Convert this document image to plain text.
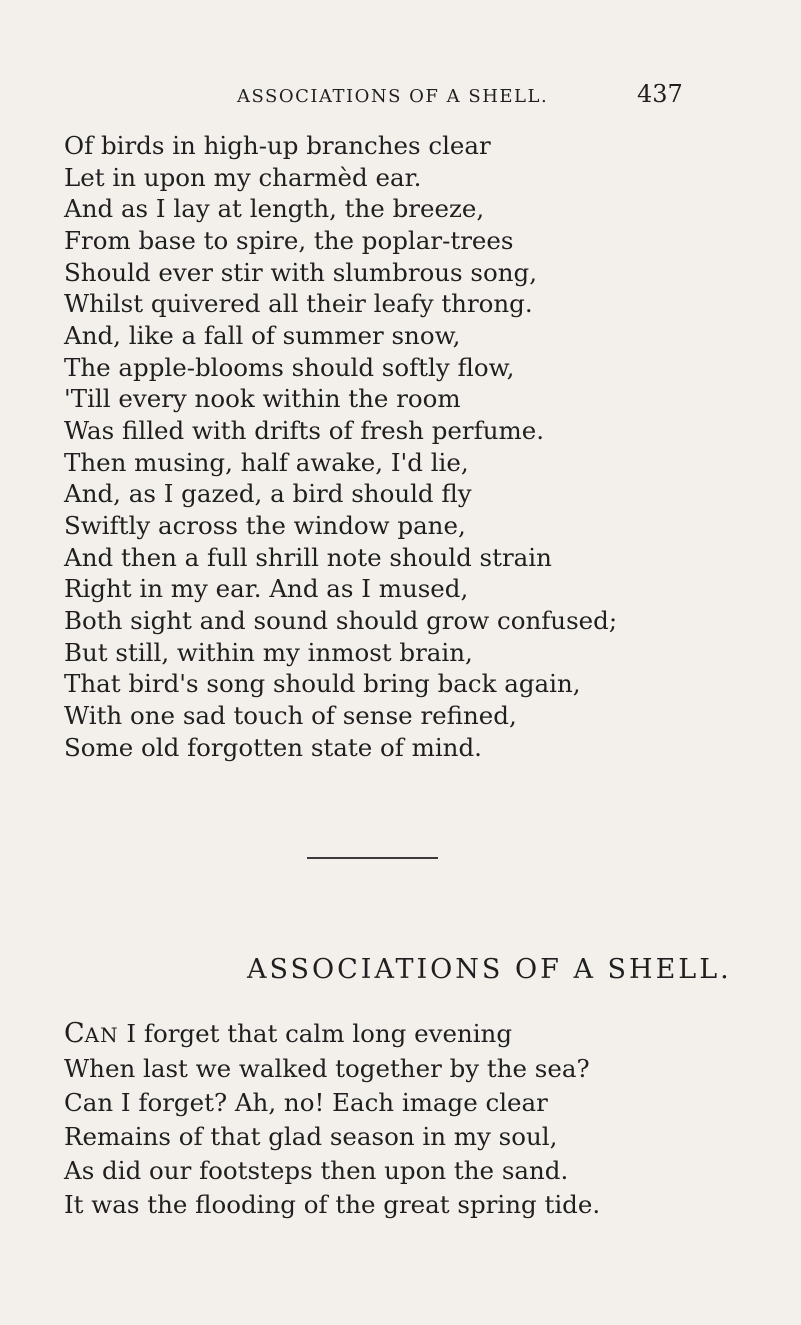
ASSOCIATIONS OF A SHELL.	437
Of birds in high-up branches clear
Let in upon my charmèd ear.
And as I lay at length, the breeze,
From base to spire, the poplar-trees
Should ever stir with slumbrous song,
Whilst quivered all their leafy throng.
And, like a fall of summer snow,
The apple-blooms should softly flow,
'Till every nook within the room
Was filled with drifts of fresh perfume.
Then musing, half awake, I'd lie,
And, as I gazed, a bird should fly
Swiftly across the window pane,
And then a full shrill note should strain
Right in my ear. And as I mused,
Both sight and sound should grow confused;
But still, within my inmost brain,
That bird's song should bring back again,
With one sad touch of sense refined,
Some old forgotten state of mind.
ASSOCIATIONS OF A SHELL.
CAN I forget that calm long evening
When last we walked together by the sea?
Can I forget? Ah, no! Each image clear
Remains of that glad season in my soul,
As did our footsteps then upon the sand.
It was the flooding of the great spring tide.
